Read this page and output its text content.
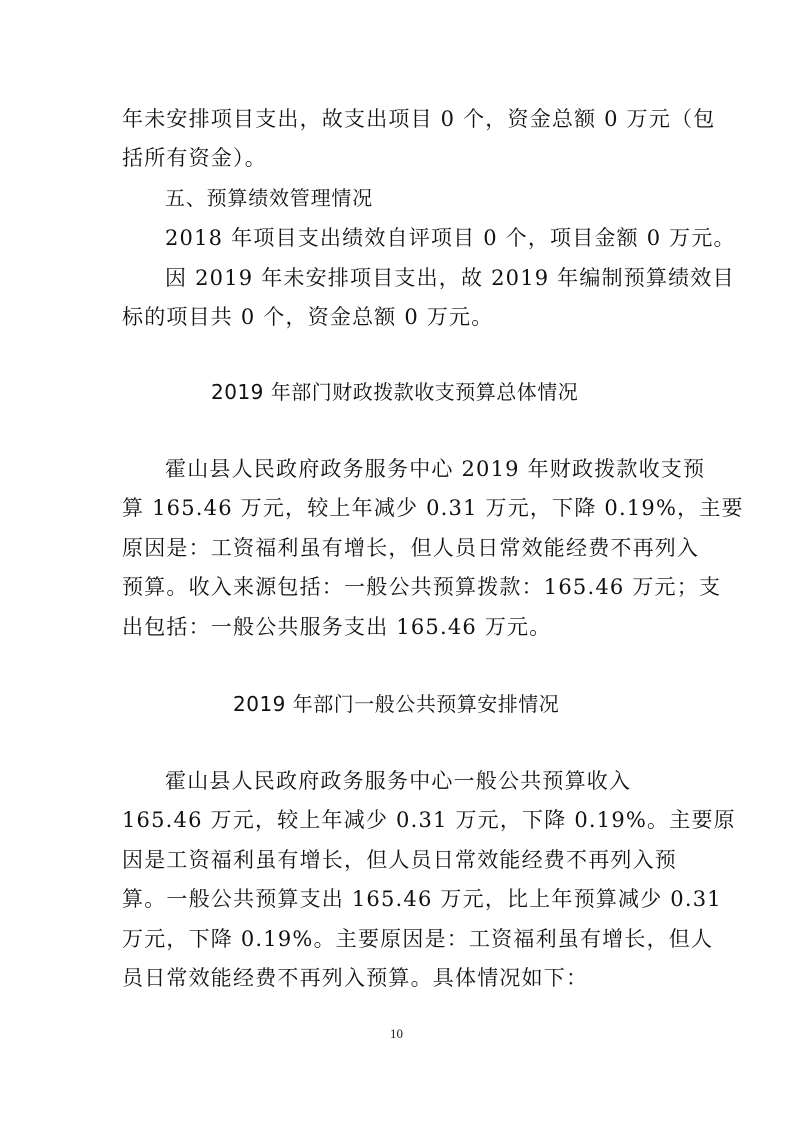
年未安排项目支出，故支出项目 0 个，资金总额 0 万元（包
括所有资金）。
五、预算绩效管理情况
2018 年项目支出绩效自评项目 0 个，项目金额 0 万元。
因 2019 年未安排项目支出，故 2019 年编制预算绩效目
标的项目共 0 个，资金总额 0 万元。
2019 年部门财政拨款收支预算总体情况
霍山县人民政府政务服务中心 2019 年财政拨款收支预
算 165.46 万元，较上年减少 0.31 万元，下降 0.19%，主要
原因是：工资福利虽有增长，但人员日常效能经费不再列入
预算。收入来源包括：一般公共预算拨款：165.46 万元；支
出包括：一般公共服务支出 165.46 万元。
2019 年部门一般公共预算安排情况
霍山县人民政府政务服务中心一般公共预算收入
165.46 万元，较上年减少 0.31 万元，下降 0.19%。主要原
因是工资福利虽有增长，但人员日常效能经费不再列入预
算。一般公共预算支出 165.46 万元，比上年预算减少 0.31
万元，下降 0.19%。主要原因是：工资福利虽有增长，但人
员日常效能经费不再列入预算。具体情况如下：
10
